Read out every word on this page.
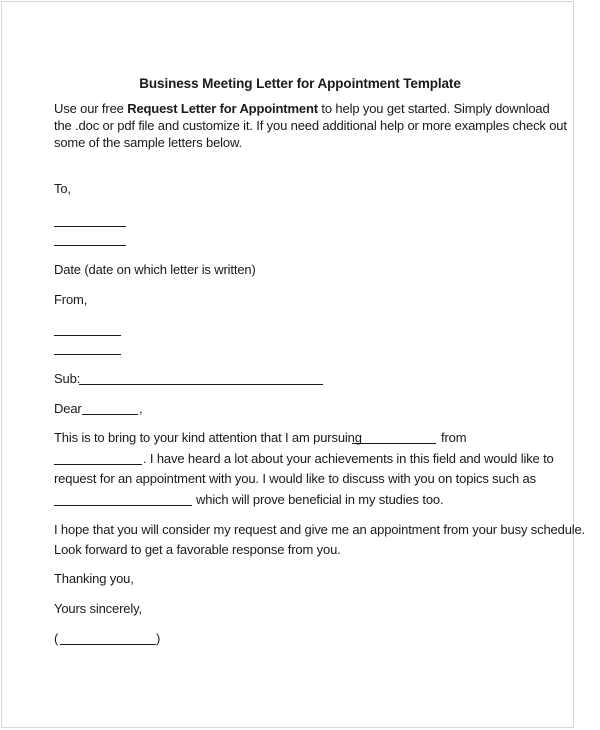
Business Meeting Letter for Appointment Template
Use our free Request Letter for Appointment to help you get started. Simply download
the .doc or pdf file and customize it. If you need additional help or more examples check out
some of the sample letters below.
To,
Date (date on which letter is written)
From,
Sub:
Dear	,
This is to bring to your kind attention that I am pursuing	from
. I have heard a lot about your achievements in this field and would like to
request for an appointment with you. I would like to discuss with you on topics such as
which will prove beneficial in my studies too.
I hope that you will consider my request and give me an appointment from your busy schedule.
Look forward to get a favorable response from you.
Thanking you,
Yours sincerely,
(	)
